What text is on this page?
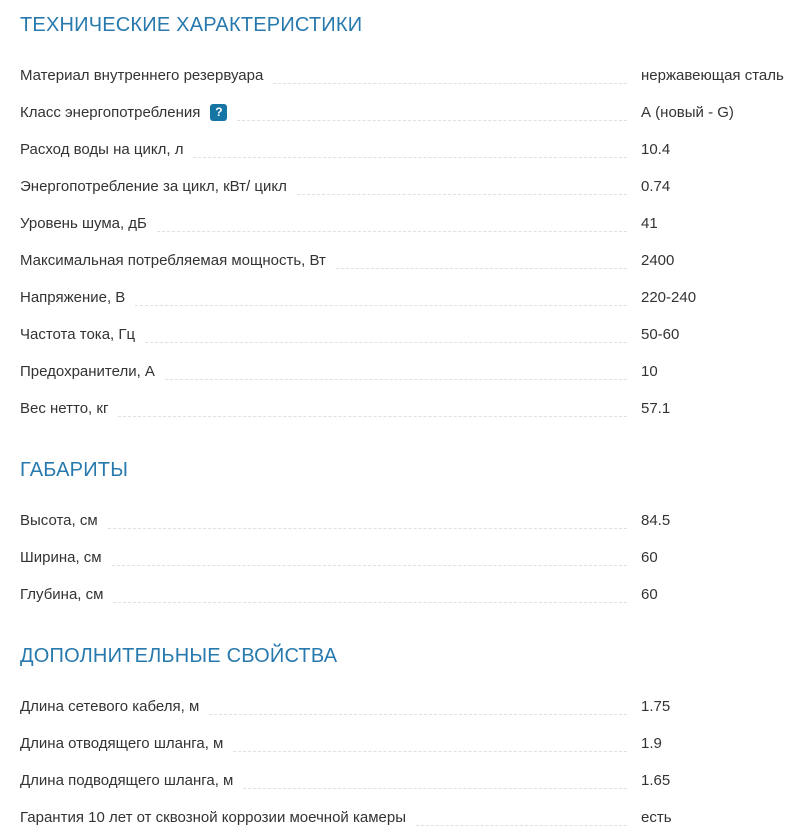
ТЕХНИЧЕСКИЕ ХАРАКТЕРИСТИКИ
Материал внутреннего резервуара	нержавеющая сталь
Класс энергопотребления	?	А (новый - G)
Расход воды на цикл, л	10.4
Энергопотребление за цикл, кВт/ цикл	0.74
Уровень шума, дБ	41
Максимальная потребляемая мощность, Вт	2400
Напряжение, В	220-240
Частота тока, Гц	50-60
Предохранители, А	10
Вес нетто, кг	57.1
ГАБАРИТЫ
Высота, см	84.5
Ширина, см	60
Глубина, см	60
ДОПОЛНИТЕЛЬНЫЕ СВОЙСТВА
Длина сетевого кабеля, м	1.75
Длина отводящего шланга, м	1.9
Длина подводящего шланга, м	1.65
Гарантия 10 лет от сквозной коррозии моечной камеры	есть
